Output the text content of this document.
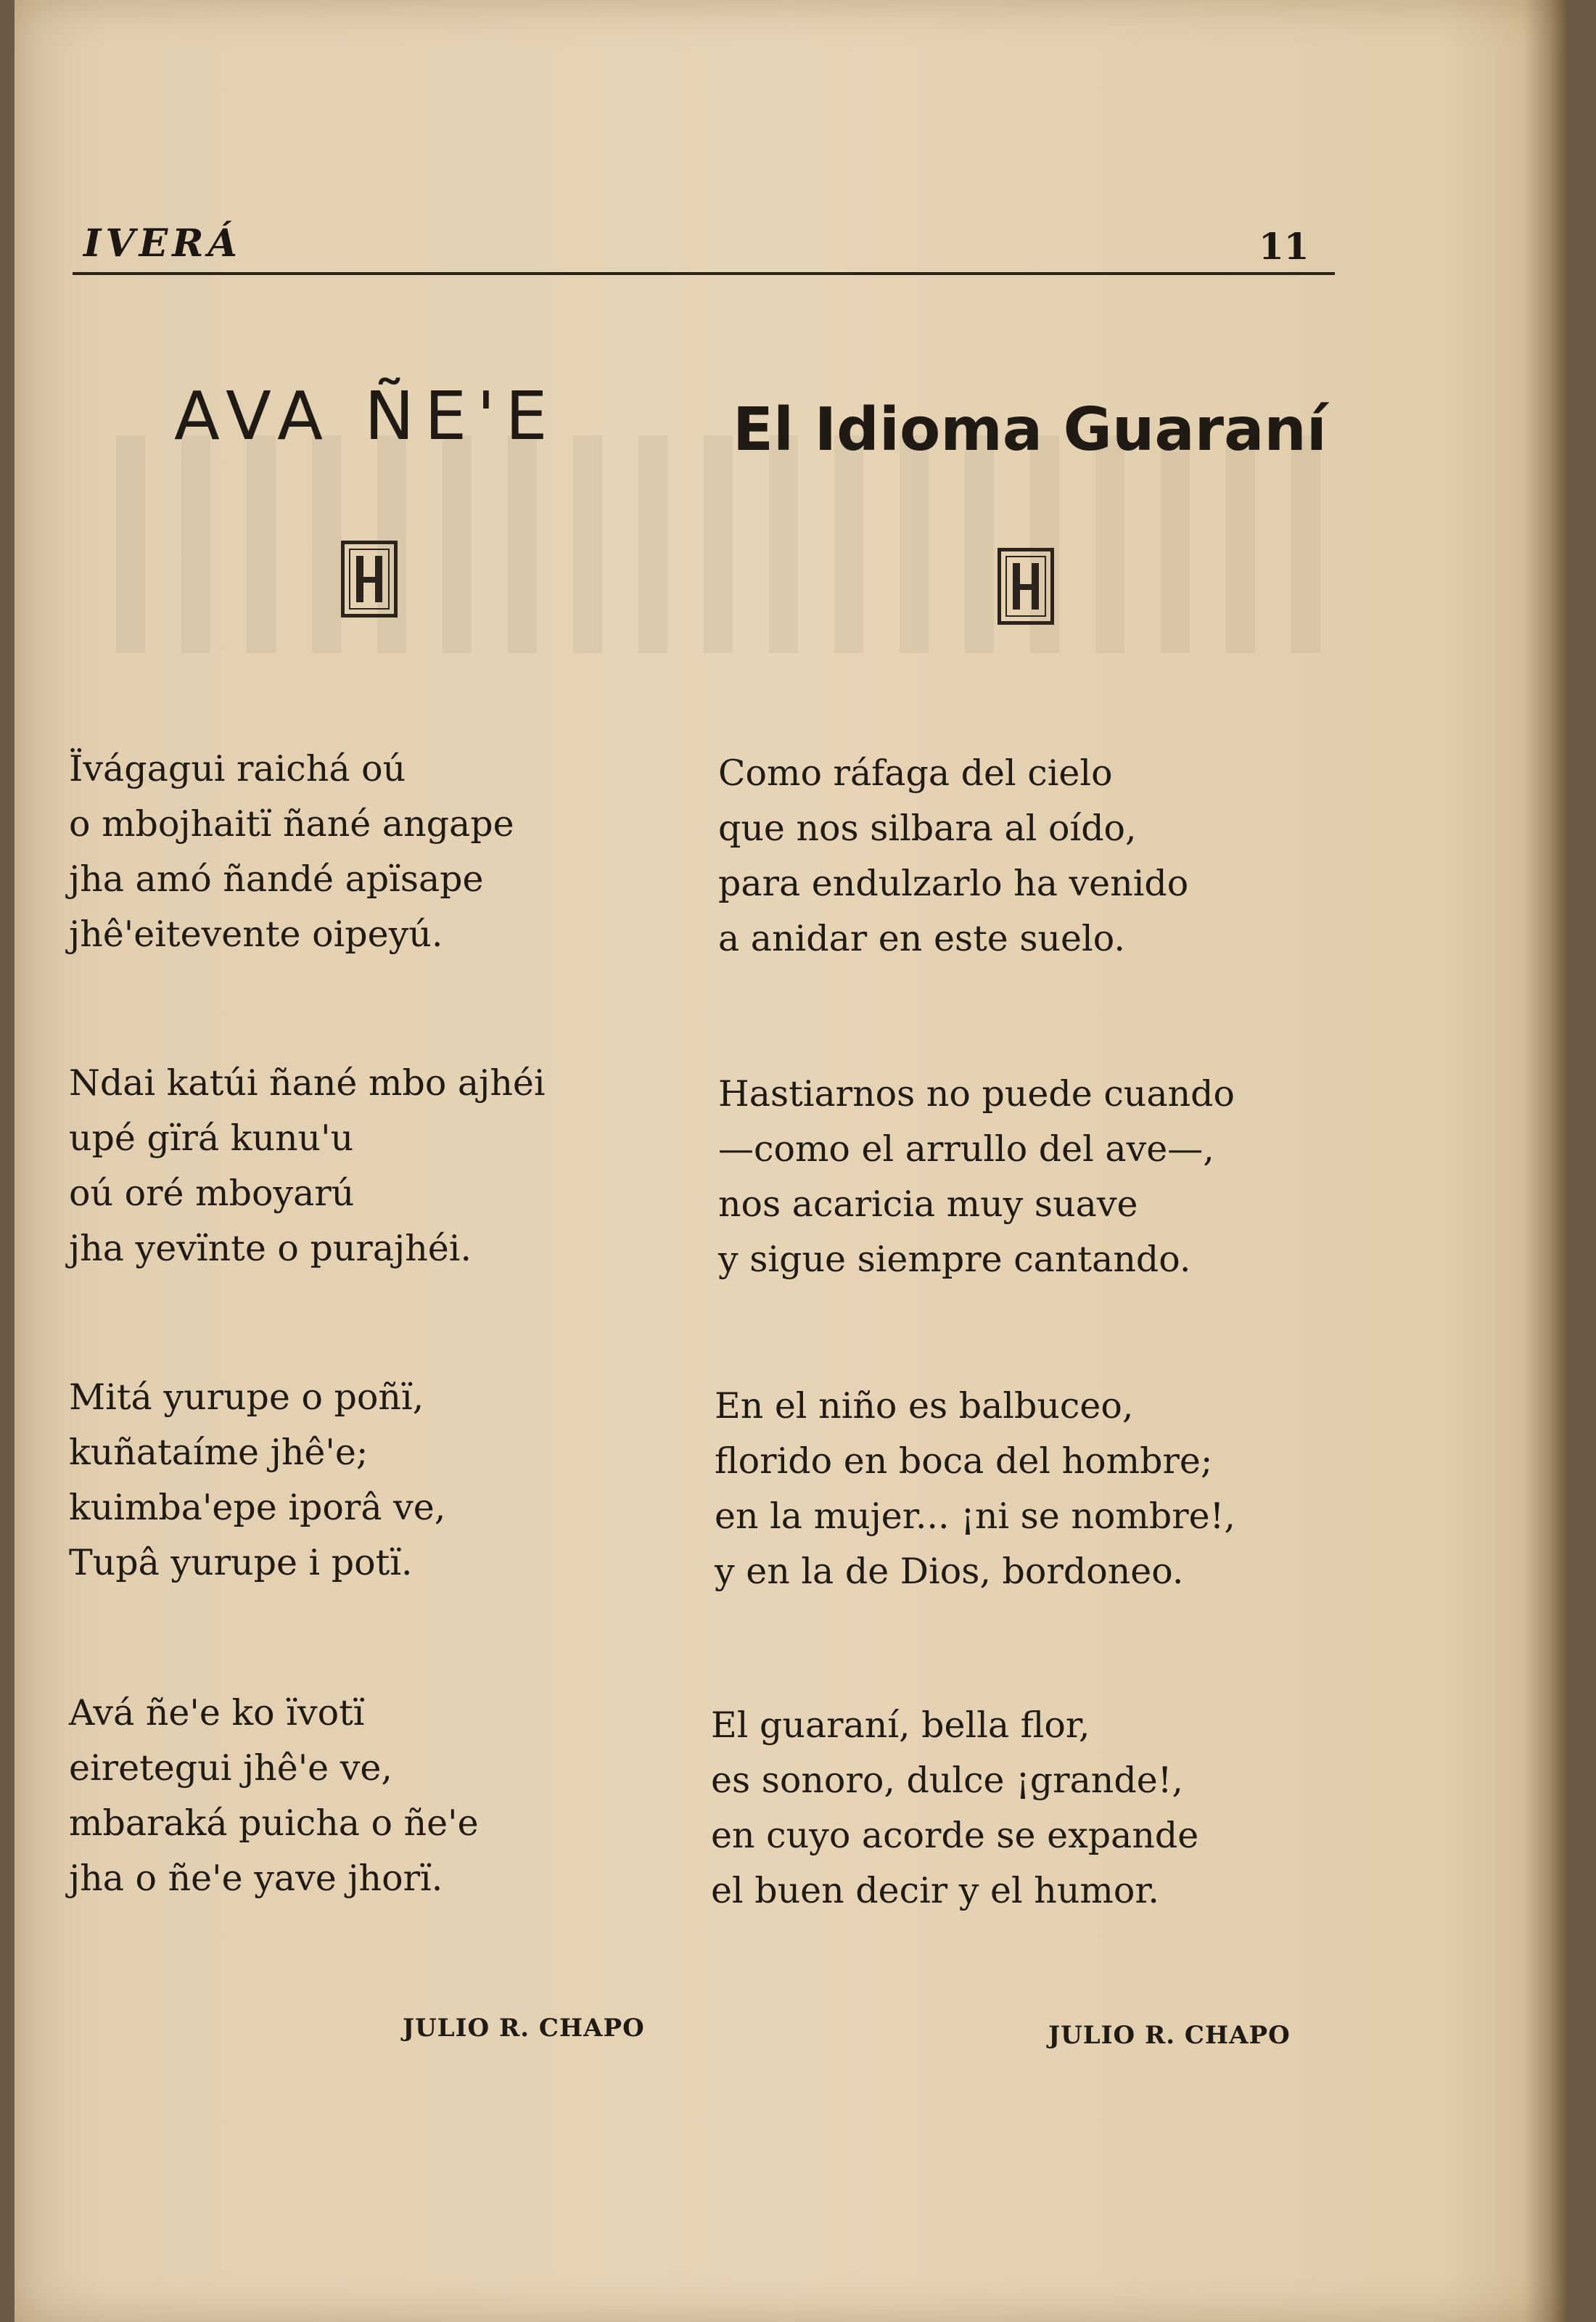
IVERÁ	11
AVA ÑE'E	El Idioma Guaraní
Ïvágagui raichá oú
o mbojhaitï ñané angape
jha amó ñandé apïsape
jhê'eitevente oipeyú.
Ndai katúi ñané mbo ajhéi
upé gïrá kunu'u
oú oré mboyarú
jha yevïnte o purajhéi.
Mitá yurupe o poñï,
kuñataíme jhê'e;
kuimba'epe iporâ ve,
Tupâ yurupe i potï.
Avá ñe'e ko ïvotï
eiretegui jhê'e ve,
mbaraká puicha o ñe'e
jha o ñe'e yave jhorï.
Como ráfaga del cielo
que nos silbara al oído,
para endulzarlo ha venido
a anidar en este suelo.
Hastiarnos no puede cuando
—como el arrullo del ave—,
nos acaricia muy suave
y sigue siempre cantando.
En el niño es balbuceo,
florido en boca del hombre;
en la mujer... ¡ni se nombre!,
y en la de Dios, bordoneo.
El guaraní, bella flor,
es sonoro, dulce ¡grande!,
en cuyo acorde se expande
el buen decir y el humor.
JULIO R. CHAPO	JULIO R. CHAPO
